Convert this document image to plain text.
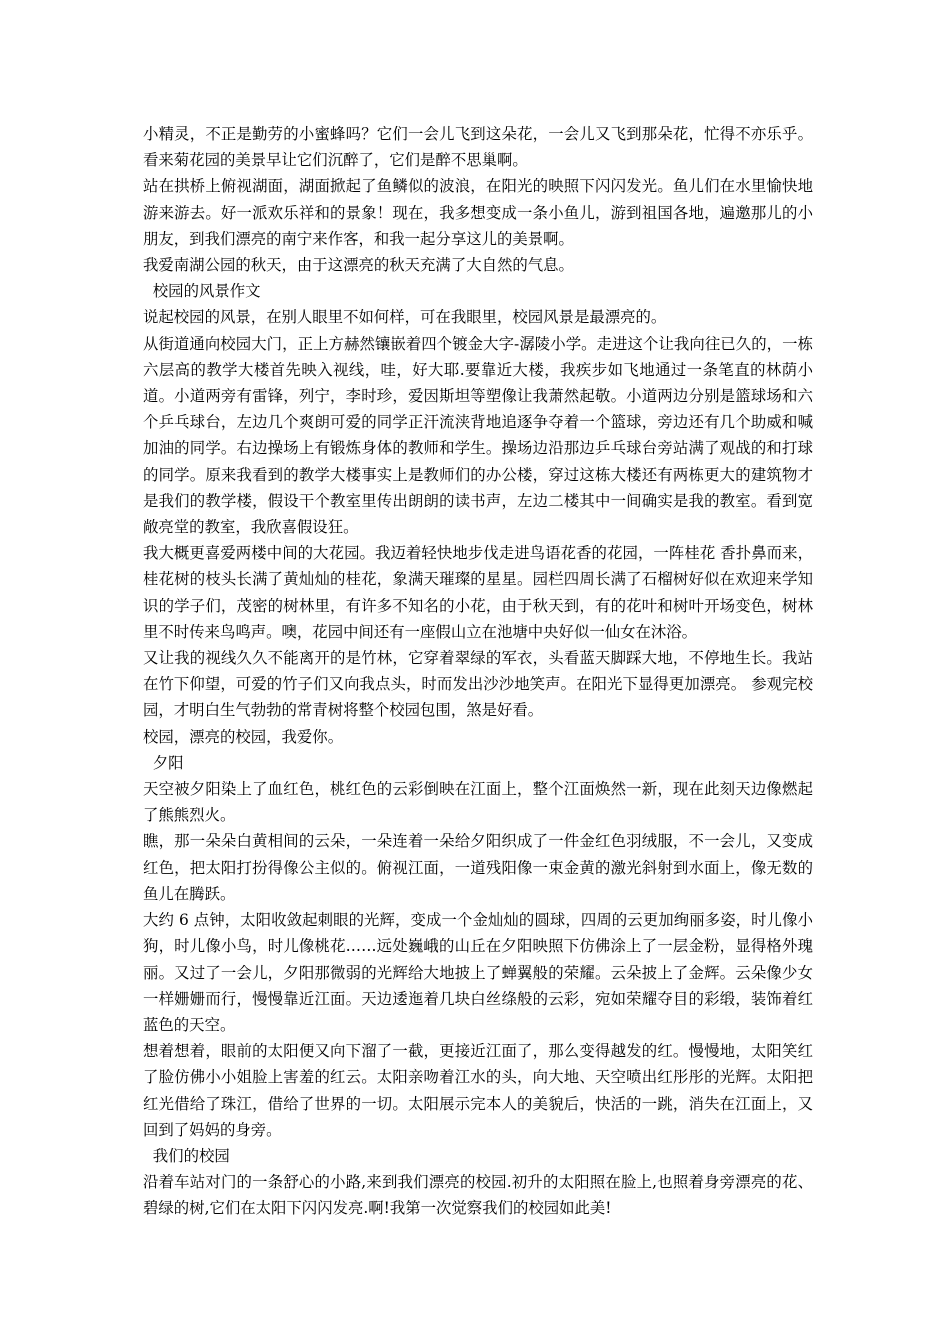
小精灵，不正是勤劳的小蜜蜂吗？它们一会儿飞到这朵花，一会儿又飞到那朵花，忙得不亦乐乎。看来菊花园的美景早让它们沉醉了，它们是醉不思巢啊。

站在拱桥上俯视湖面，湖面掀起了鱼鳞似的波浪，在阳光的映照下闪闪发光。鱼儿们在水里愉快地游来游去。好一派欢乐祥和的景象！现在，我多想变成一条小鱼儿，游到祖国各地，遍邀那儿的小朋友，到我们漂亮的南宁来作客，和我一起分享这儿的美景啊。

我爱南湖公园的秋天，由于这漂亮的秋天充满了大自然的气息。

校园的风景作文

说起校园的风景，在别人眼里不如何样，可在我眼里，校园风景是最漂亮的。

从街道通向校园大门，正上方赫然镶嵌着四个镀金大字-潺陵小学。走进这个让我向往已久的，一栋六层高的教学大楼首先映入视线，哇，好大耶.要靠近大楼，我疾步如飞地通过一条笔直的林荫小道。小道两旁有雷锋，列宁，李时珍，爱因斯坦等塑像让我萧然起敬。小道两边分别是篮球场和六个乒乓球台，左边几个爽朗可爱的同学正汗流浃背地追逐争夺着一个篮球，旁边还有几个助威和喊加油的同学。右边操场上有锻炼身体的教师和学生。操场边沿那边乒乓球台旁站满了观战的和打球的同学。原来我看到的教学大楼事实上是教师们的办公楼，穿过这栋大楼还有两栋更大的建筑物才是我们的教学楼，假设干个教室里传出朗朗的读书声，左边二楼其中一间确实是我的教室。看到宽敞亮堂的教室，我欣喜假设狂。

我大概更喜爱两楼中间的大花园。我迈着轻快地步伐走进鸟语花香的花园，一阵桂花 香扑鼻而来，桂花树的枝头长满了黄灿灿的桂花，象满天璀璨的星星。园栏四周长满了石榴树好似在欢迎来学知识的学子们，茂密的树林里，有许多不知名的小花，由于秋天到，有的花叶和树叶开场变色，树林里不时传来鸟鸣声。噢，花园中间还有一座假山立在池塘中央好似一仙女在沐浴。

又让我的视线久久不能离开的是竹林，它穿着翠绿的军衣，头看蓝天脚踩大地，不停地生长。我站在竹下仰望，可爱的竹子们又向我点头，时而发出沙沙地笑声。在阳光下显得更加漂亮。 参观完校园，才明白生气勃勃的常青树将整个校园包围，煞是好看。

校园，漂亮的校园，我爱你。

夕阳

天空被夕阳染上了血红色，桃红色的云彩倒映在江面上，整个江面焕然一新，现在此刻天边像燃起了熊熊烈火。

瞧，那一朵朵白黄相间的云朵，一朵连着一朵给夕阳织成了一件金红色羽绒服，不一会儿，又变成红色，把太阳打扮得像公主似的。俯视江面，一道残阳像一束金黄的激光斜射到水面上，像无数的鱼儿在腾跃。

大约 6 点钟，太阳收敛起刺眼的光辉，变成一个金灿灿的圆球，四周的云更加绚丽多姿，时儿像小狗，时儿像小鸟，时儿像桃花……远处巍峨的山丘在夕阳映照下仿佛涂上了一层金粉，显得格外瑰丽。又过了一会儿，夕阳那微弱的光辉给大地披上了蝉翼般的荣耀。云朵披上了金辉。云朵像少女一样姗姗而行，慢慢靠近江面。天边逶迤着几块白丝绦般的云彩，宛如荣耀夺目的彩缎，装饰着红蓝色的天空。

想着想着，眼前的太阳便又向下溜了一截，更接近江面了，那么变得越发的红。慢慢地，太阳笑红了脸仿佛小小姐脸上害羞的红云。太阳亲吻着江水的头，向大地、天空喷出红彤彤的光辉。太阳把红光借给了珠江，借给了世界的一切。太阳展示完本人的美貌后，快活的一跳，消失在江面上，又回到了妈妈的身旁。

我们的校园

沿着车站对门的一条舒心的小路,来到我们漂亮的校园.初升的太阳照在脸上,也照着身旁漂亮的花、碧绿的树,它们在太阳下闪闪发亮.啊!我第一次觉察我们的校园如此美!
